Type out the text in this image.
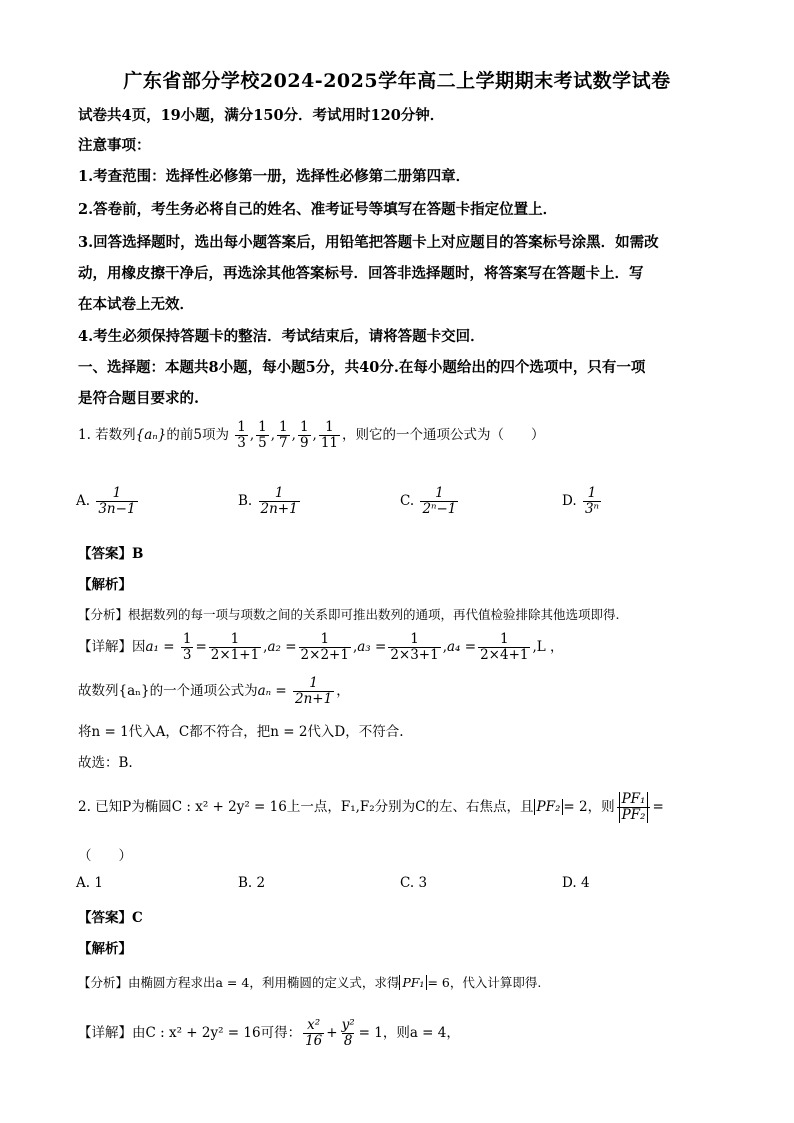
广东省部分学校2024-2025学年高二上学期期末考试数学试卷
试卷共4页，19小题，满分150分．考试用时120分钟．
注意事项：
1.考查范围：选择性必修第一册，选择性必修第二册第四章．
2.答卷前，考生务必将自己的姓名、准考证号等填写在答题卡指定位置上．
3.回答选择题时，选出每小题答案后，用铅笔把答题卡上对应题目的答案标号涂黑．如需改
动，用橡皮擦干净后，再选涂其他答案标号．回答非选择题时，将答案写在答题卡上．写
在本试卷上无效．
4.考生必须保持答题卡的整洁．考试结束后，请将答题卡交回．
一、选择题：本题共8小题，每小题5分，共40分.在每小题给出的四个选项中，只有一项
是符合题目要求的.
1. 若数列{aₙ}的前5项为 $\frac{1}{3}$ , $\frac{1}{5}$ , $\frac{1}{7}$ , $\frac{1}{9}$ , $\frac{1}{11}$ ，则它的一个通项公式为（　　）
A. $\frac{1}{3n-1}$	B. $\frac{1}{2n+1}$	C. $\frac{1}{\text{2ⁿ−1}}$	D. $\frac{1}{\text{3ⁿ}}$
【答案】B
【解析】
【分析】根据数列的每一项与项数之间的关系即可推出数列的通项，再代值检验排除其他选项即得.
【详解】因$a_1 = \frac{1}{3} = \frac{1}{2\times 1+1} ,a_2 = \frac{1}{2\times 2+1} ,a_3 = \frac{1}{2\times 3+1} ,a_4 = \frac{1}{2\times 4+1} ,L$ ，
故数列{aₙ}的一个通项公式为$a_n = \frac{1}{2n+1}$ ，
将n = 1代入A，C都不符合，把n = 2代入D，不符合.
故选：B.
2. 已知P为椭圆C : x² + 2y² = 16上一点，F₁,F₂分别为C的左、右焦点，且 PF₂ = 2，则 $\frac{\text{PF₁}}{\text{PF₂}}$ =
（　　）
A. 1	B. 2	C. 3	D. 4
【答案】C
【解析】
【分析】由椭圆方程求出a = 4，利用椭圆的定义式，求得 PF₁ = 6，代入计算即得.
【详解】由C : x² + 2y² = 16可得： $\frac{\text{x²}}{16} + \frac{\text{y²}}{8} = 1$，则a = 4，
